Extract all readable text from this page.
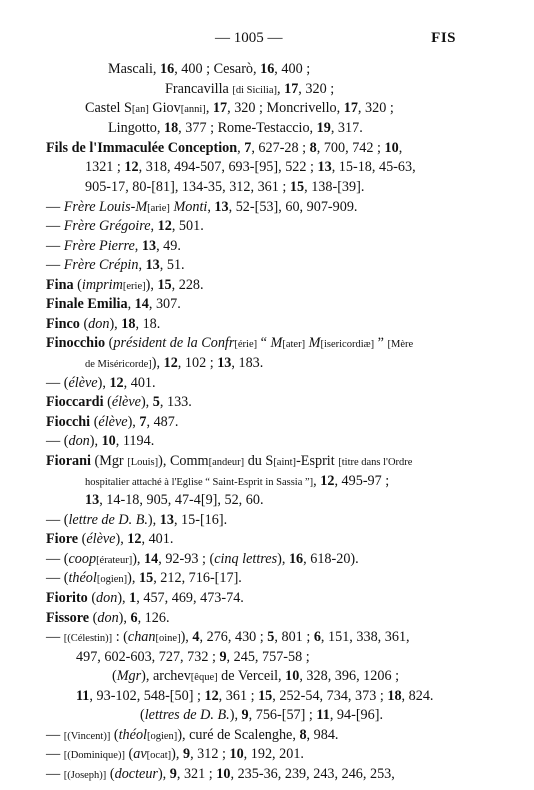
— 1005 —	FIS
Mascali, 16, 400 ; Cesarò, 16, 400 ;
Francavilla [di Sicilia], 17, 320 ;
Castel S[an] Giov[anni], 17, 320 ; Moncrivello, 17, 320 ;
Lingotto, 18, 377 ; Rome-Testaccio, 19, 317.
Fils de l'Immaculée Conception, 7, 627-28 ; 8, 700, 742 ; 10,
1321 ; 12, 318, 494-507, 693-[95], 522 ; 13, 15-18, 45-63,
905-17, 80-[81], 134-35, 312, 361 ; 15, 138-[39].
— Frère Louis-M[arie] Monti, 13, 52-[53], 60, 907-909.
— Frère Grégoire, 12, 501.
— Frère Pierre, 13, 49.
— Frère Crépin, 13, 51.
Fina (imprim[erie]), 15, 228.
Finale Emilia, 14, 307.
Finco (don), 18, 18.
Finocchio (président de la Confr[érie] “ M[ater] M[isericordiæ] ” [Mère
de Miséricorde]), 12, 102 ; 13, 183.
— (élève), 12, 401.
Fioccardi (élève), 5, 133.
Fiocchi (élève), 7, 487.
— (don), 10, 1194.
Fiorani (Mgr [Louis]), Comm[andeur] du S[aint]-Esprit [titre dans l'Ordre
hospitalier attaché à l'Eglise “ Saint-Esprit in Sassia ”], 12, 495-97 ;
13, 14-18, 905, 47-4[9], 52, 60.
— (lettre de D. B.), 13, 15-[16].
Fiore (élève), 12, 401.
— (coop[érateur]), 14, 92-93 ; (cinq lettres), 16, 618-20).
— (théol[ogien]), 15, 212, 716-[17].
Fiorito (don), 1, 457, 469, 473-74.
Fissore (don), 6, 126.
— [(Célestin)] : (chan[oine]), 4, 276, 430 ; 5, 801 ; 6, 151, 338, 361,
497, 602-603, 727, 732 ; 9, 245, 757-58 ;
(Mgr), archev[êque] de Verceil, 10, 328, 396, 1206 ;
11, 93-102, 548-[50] ; 12, 361 ; 15, 252-54, 734, 373 ; 18, 824.
(lettres de D. B.), 9, 756-[57] ; 11, 94-[96].
— [(Vincent)] (théol[ogien]), curé de Scalenghe, 8, 984.
— [(Dominique)] (av[ocat]), 9, 312 ; 10, 192, 201.
— [(Joseph)] (docteur), 9, 321 ; 10, 235-36, 239, 243, 246, 253,
